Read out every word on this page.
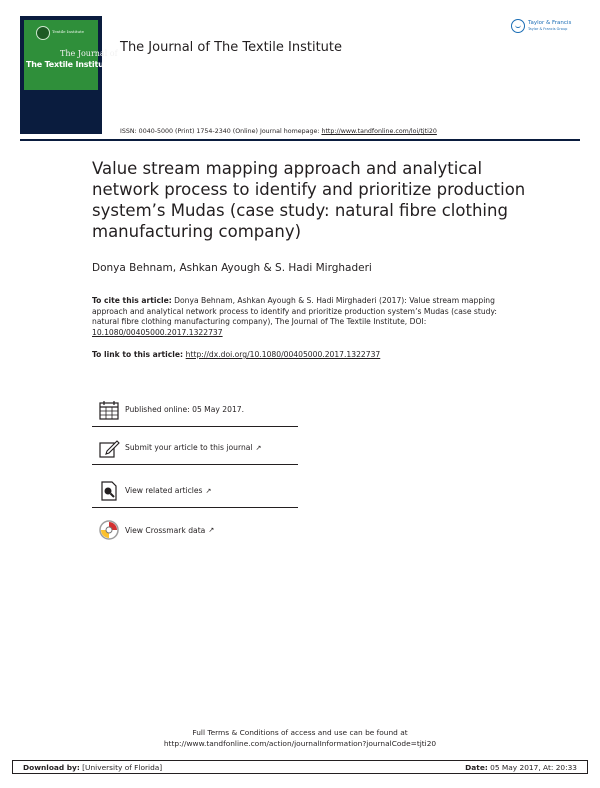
Textile Institute
The Journal of
The Textile Institute
The Journal of The Textile Institute
Taylor & Francis
Taylor & Francis Group
ISSN: 0040-5000 (Print) 1754-2340 (Online) Journal homepage: http://www.tandfonline.com/loi/tjti20
Value stream mapping approach and analytical network process to identify and prioritize production system’s Mudas (case study: natural fibre clothing manufacturing company)
Donya Behnam, Ashkan Ayough & S. Hadi Mirghaderi
To cite this article: Donya Behnam, Ashkan Ayough & S. Hadi Mirghaderi (2017): Value stream mapping approach and analytical network process to identify and prioritize production system’s Mudas (case study: natural fibre clothing manufacturing company), The Journal of The Textile Institute, DOI: 10.1080/00405000.2017.1322737
To link to this article: http://dx.doi.org/10.1080/00405000.2017.1322737
Published online: 05 May 2017.
Submit your article to this journal ↗
View related articles ↗
View Crossmark data ↗
Full Terms & Conditions of access and use can be found at
http://www.tandfonline.com/action/journalInformation?journalCode=tjti20
Download by: [University of Florida]	Date: 05 May 2017, At: 20:33
